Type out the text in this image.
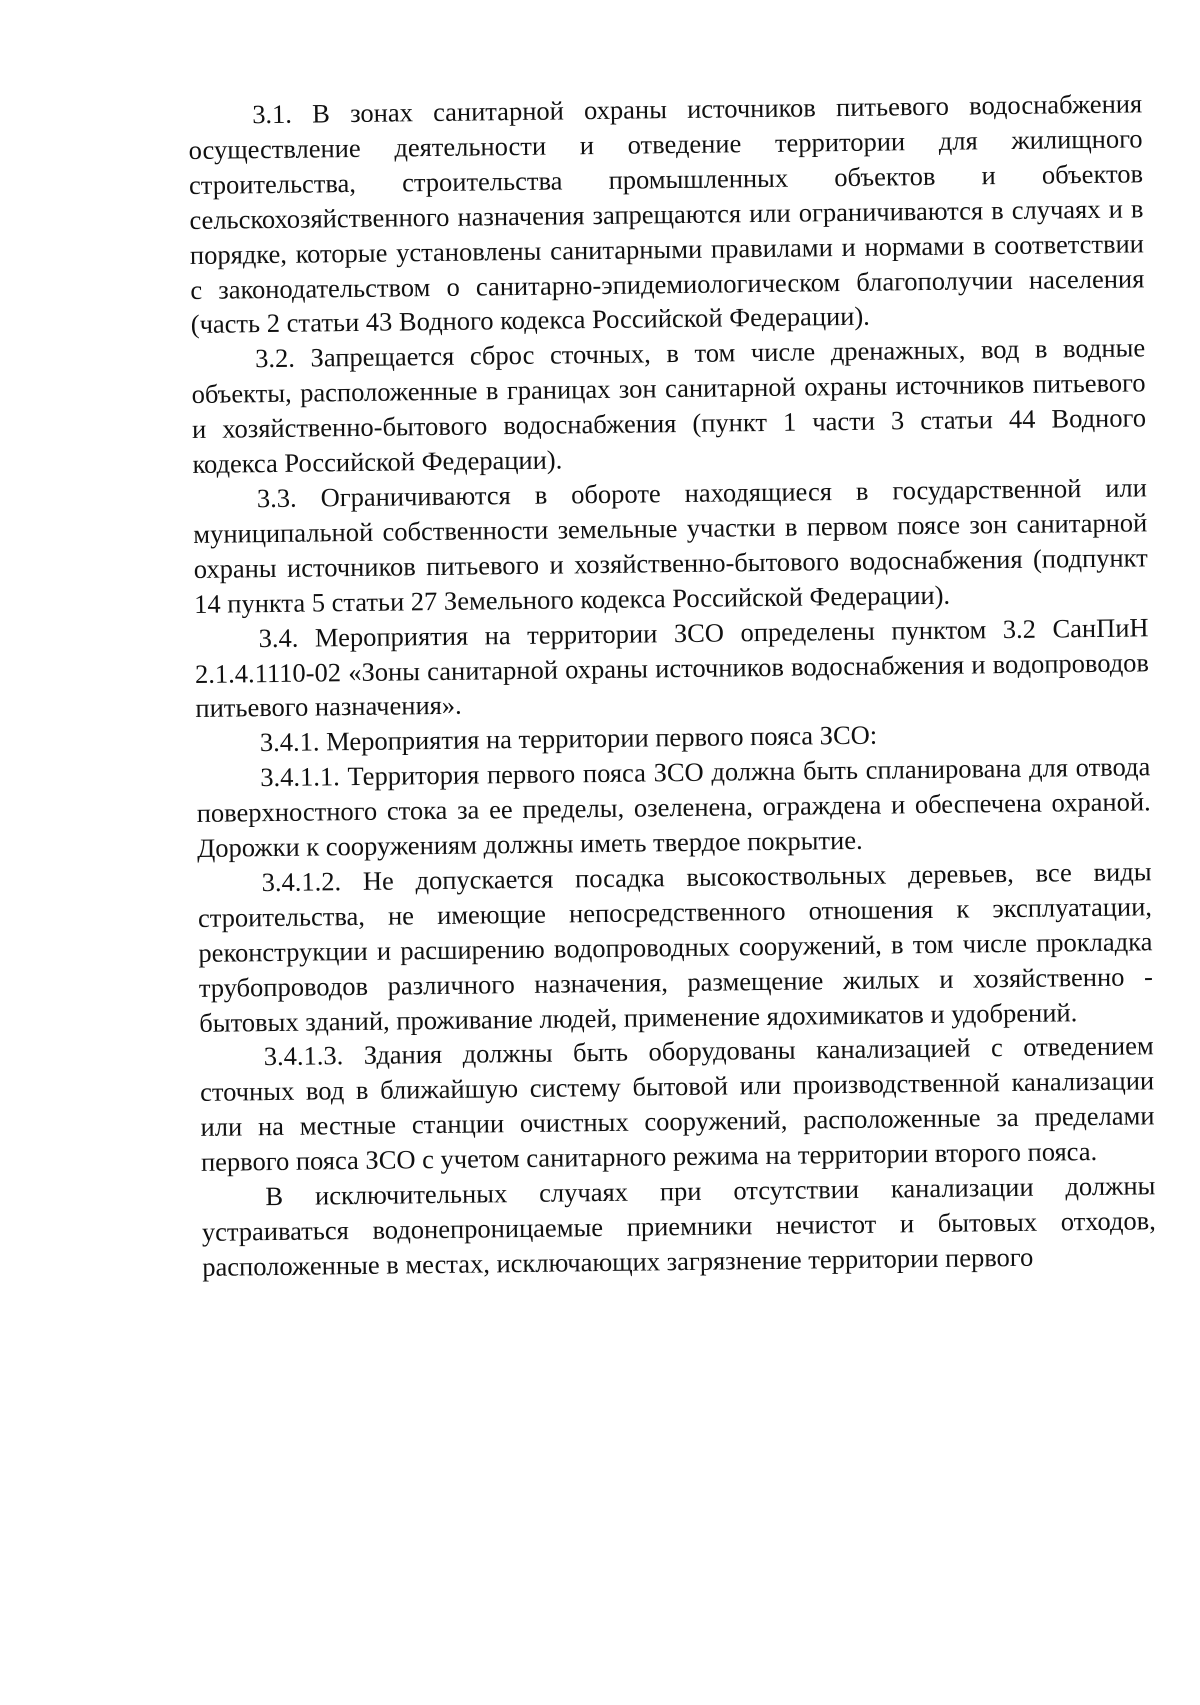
3.1. В зонах санитарной охраны источников питьевого водоснабжения осуществление деятельности и отведение территории для жилищного строительства, строительства промышленных объектов и объектов сельскохозяйственного назначения запрещаются или ограничиваются в случаях и в порядке, которые установлены санитарными правилами и нормами в соответствии с законодательством о санитарно-эпидемиологическом благополучии населения (часть 2 статьи 43 Водного кодекса Российской Федерации).

3.2. Запрещается сброс сточных, в том числе дренажных, вод в водные объекты, расположенные в границах зон санитарной охраны источников питьевого и хозяйственно-бытового водоснабжения (пункт 1 части 3 статьи 44 Водного кодекса Российской Федерации).

3.3. Ограничиваются в обороте находящиеся в государственной или муниципальной собственности земельные участки в первом поясе зон санитарной охраны источников питьевого и хозяйственно-бытового водоснабжения (подпункт 14 пункта 5 статьи 27 Земельного кодекса Российской Федерации).

3.4. Мероприятия на территории ЗСО определены пунктом 3.2 СанПиН 2.1.4.1110-02 «Зоны санитарной охраны источников водоснабжения и водопроводов питьевого назначения».

3.4.1. Мероприятия на территории первого пояса ЗСО:

3.4.1.1. Территория первого пояса ЗСО должна быть спланирована для отвода поверхностного стока за ее пределы, озеленена, ограждена и обеспечена охраной. Дорожки к сооружениям должны иметь твердое покрытие.

3.4.1.2. Не допускается посадка высокоствольных деревьев, все виды строительства, не имеющие непосредственного отношения к эксплуатации, реконструкции и расширению водопроводных сооружений, в том числе прокладка трубопроводов различного назначения, размещение жилых и хозяйственно - бытовых зданий, проживание людей, применение ядохимикатов и удобрений.

3.4.1.3. Здания должны быть оборудованы канализацией с отведением сточных вод в ближайшую систему бытовой или производственной канализации или на местные станции очистных сооружений, расположенные за пределами первого пояса ЗСО с учетом санитарного режима на территории второго пояса.

В исключительных случаях при отсутствии канализации должны устраиваться водонепроницаемые приемники нечистот и бытовых отходов, расположенные в местах, исключающих загрязнение территории первого
